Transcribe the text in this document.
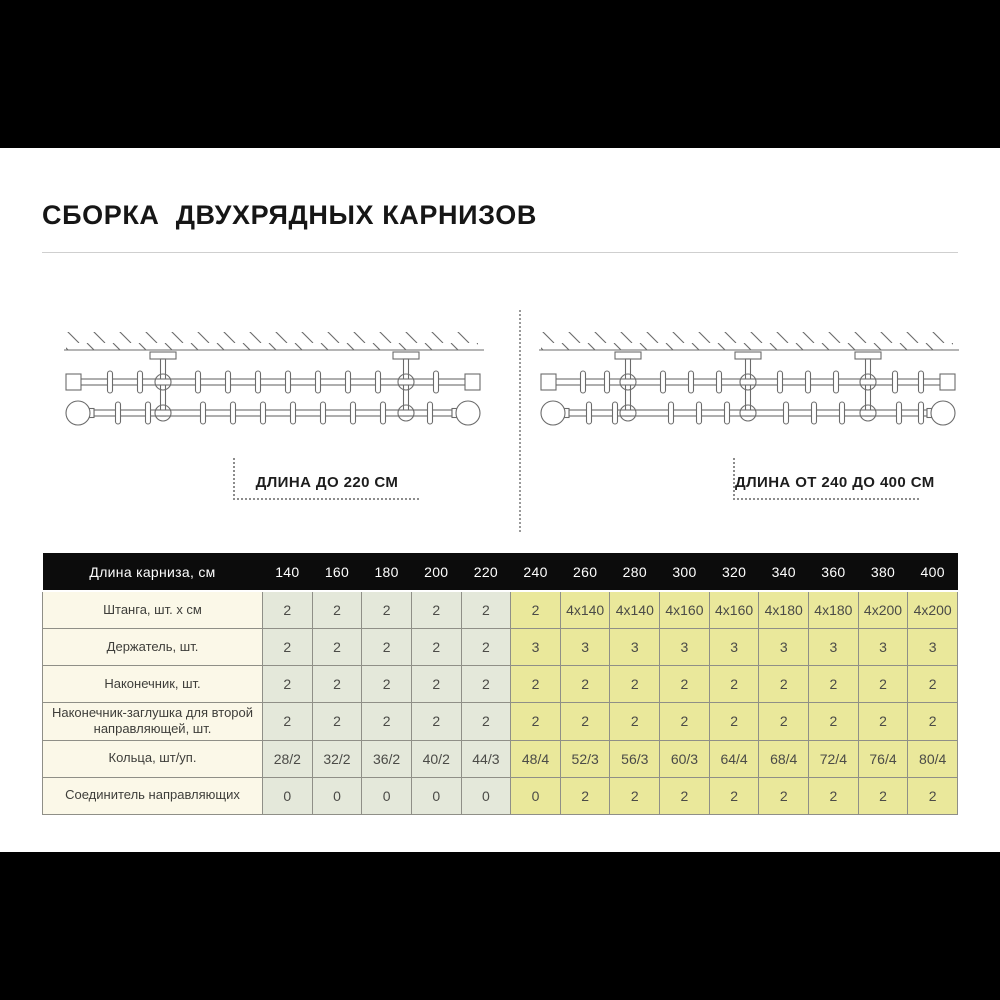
СБОРКА  ДВУХРЯДНЫХ КАРНИЗОВ
ДЛИНА ДО 220 СМ	ДЛИНА ОТ 240 ДО 400 СМ
Длина карниза, см	140	160	180	200	220	240	260	280	300	320	340	360	380	400
Штанга, шт. х см	2	2	2	2	2	2	4x140	4x140	4x160	4x160	4x180	4x180	4x200	4x200
Держатель, шт.	2	2	2	2	2	3	3	3	3	3	3	3	3	3
Наконечник, шт.	2	2	2	2	2	2	2	2	2	2	2	2	2	2
Наконечник-заглушка для второй направляющей, шт.	2	2	2	2	2	2	2	2	2	2	2	2	2	2
Кольца, шт/уп.	28/2	32/2	36/2	40/2	44/3	48/4	52/3	56/3	60/3	64/4	68/4	72/4	76/4	80/4
Соединитель направляющих	0	0	0	0	0	0	2	2	2	2	2	2	2	2
